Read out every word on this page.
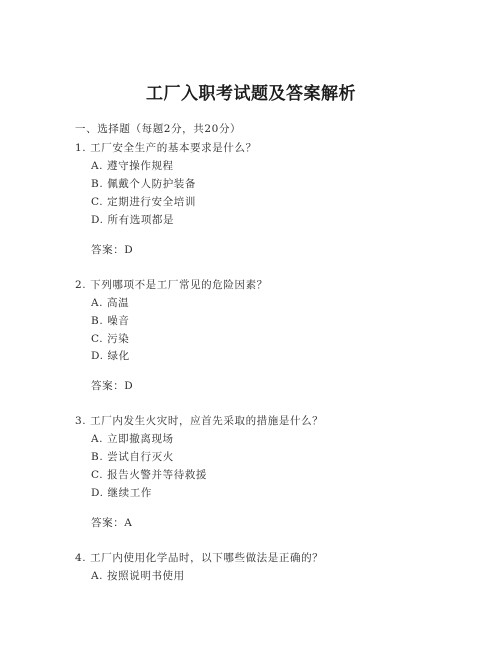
工厂入职考试题及答案解析
一、选择题（每题2分，共20分）
1. 工厂安全生产的基本要求是什么？
A. 遵守操作规程
B. 佩戴个人防护装备
C. 定期进行安全培训
D. 所有选项都是
答案：D
2. 下列哪项不是工厂常见的危险因素？
A. 高温
B. 噪音
C. 污染
D. 绿化
答案：D
3. 工厂内发生火灾时，应首先采取的措施是什么？
A. 立即撤离现场
B. 尝试自行灭火
C. 报告火警并等待救援
D. 继续工作
答案：A
4. 工厂内使用化学品时，以下哪些做法是正确的？
A. 按照说明书使用
